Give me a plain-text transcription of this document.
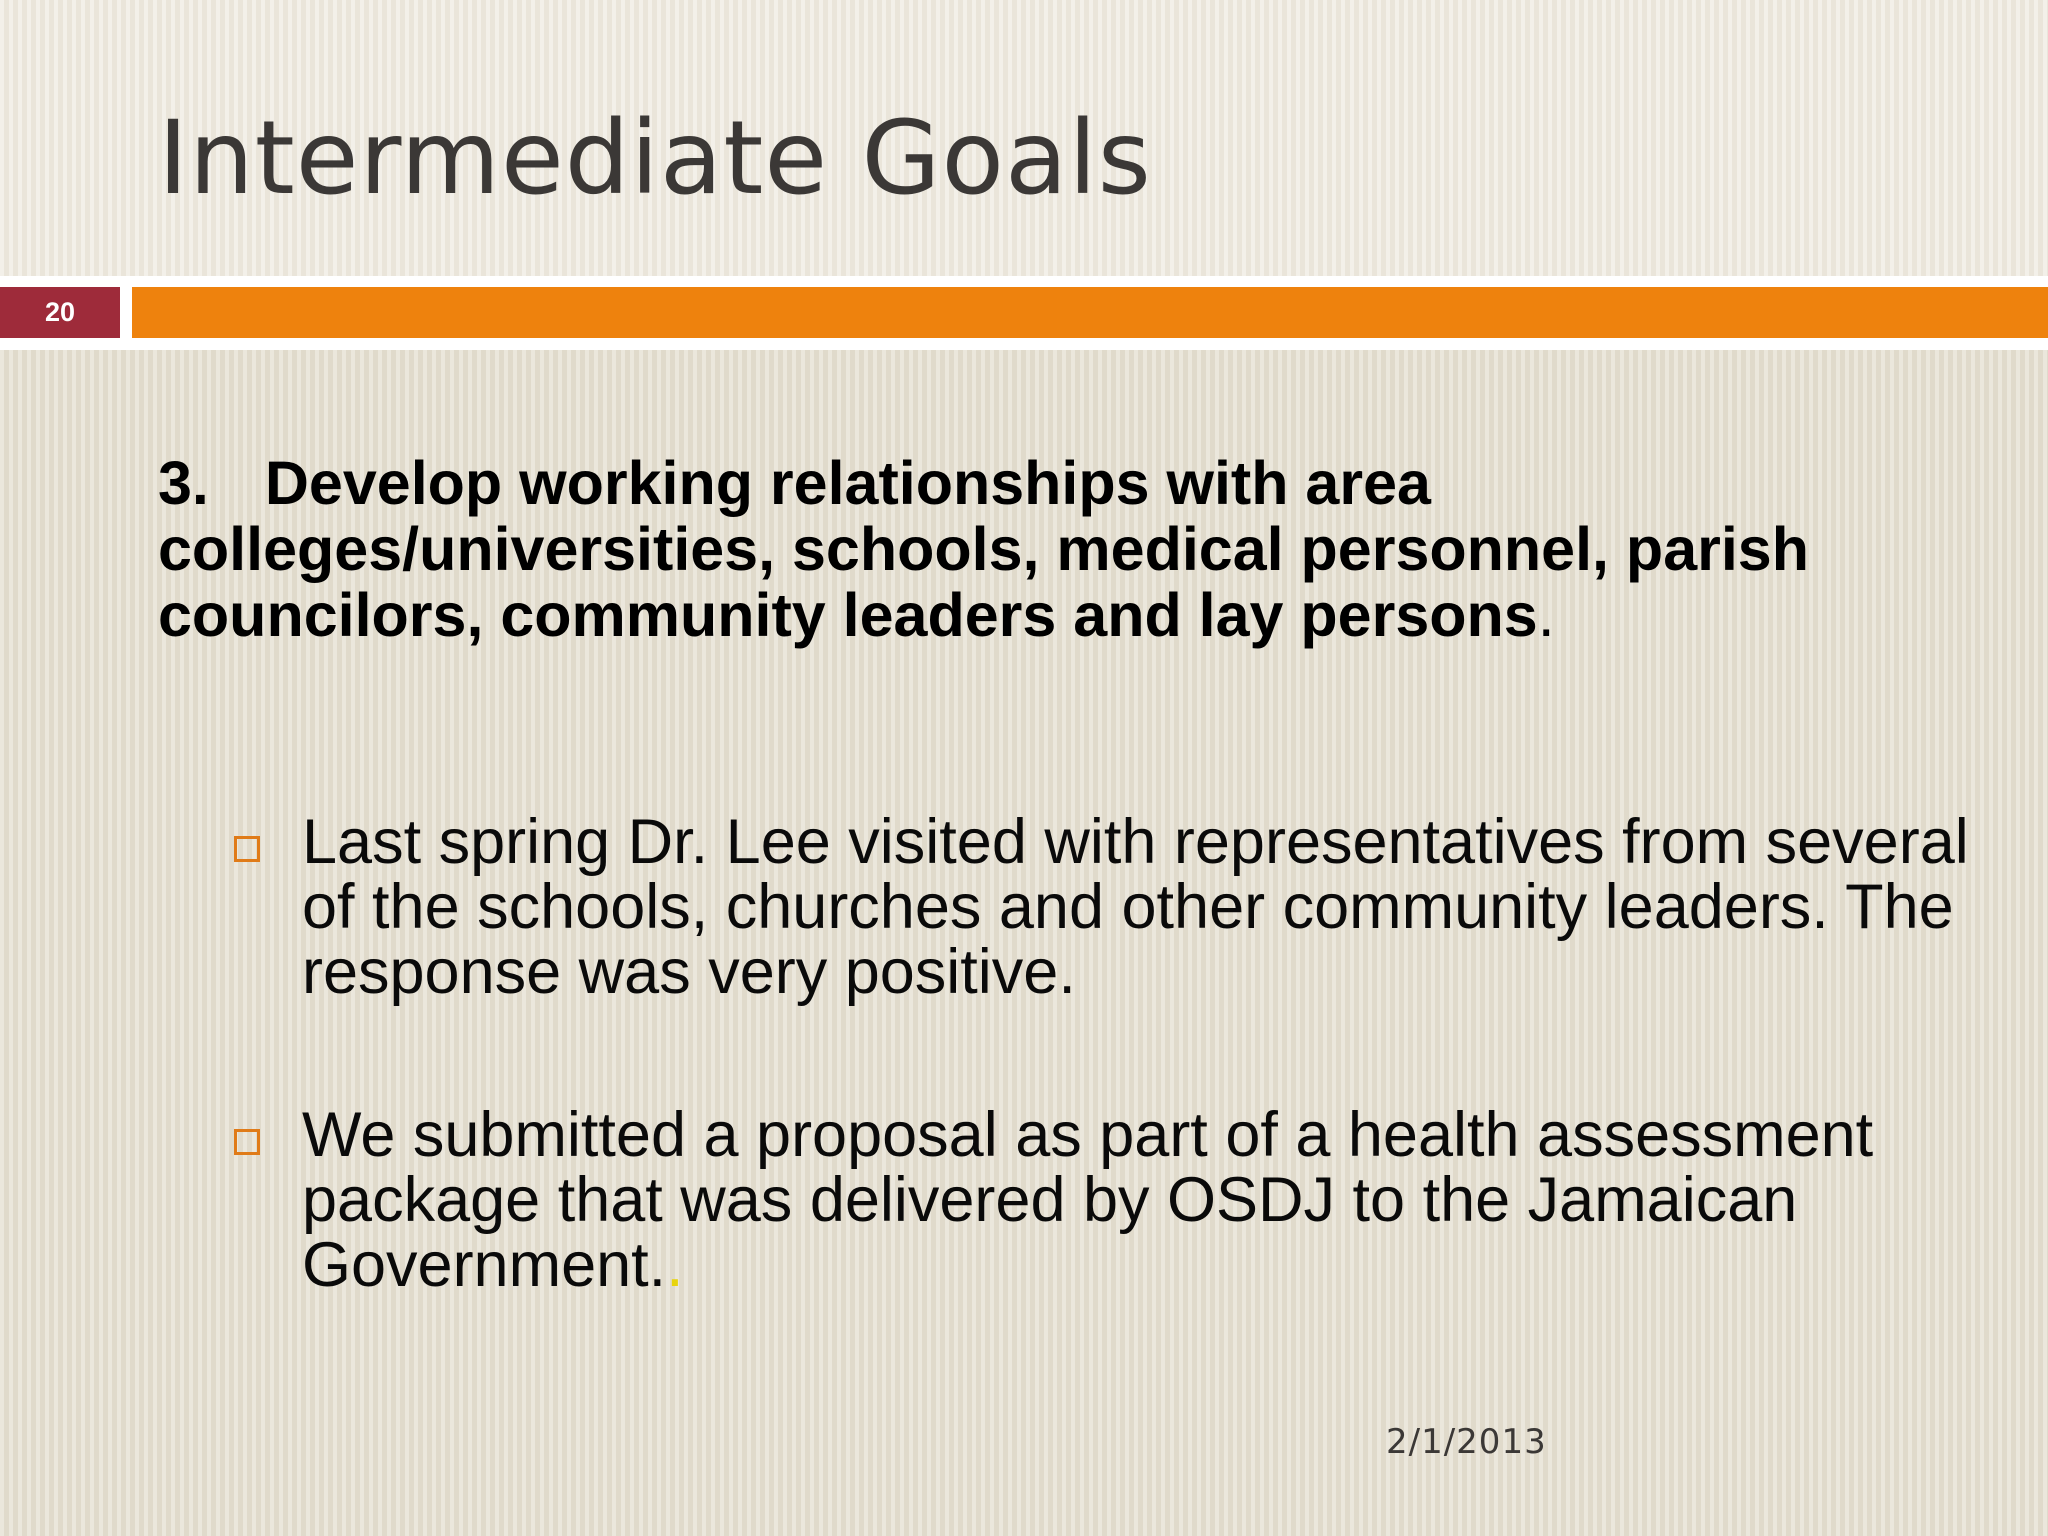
Intermediate Goals
20

3. Develop working relationships with area colleges/universities, schools, medical personnel, parish councilors, community leaders and lay persons.

Last spring Dr. Lee visited with representatives from several of the schools, churches and other community leaders. The response was very positive.
We submitted a proposal as part of a health assessment package that was delivered by OSDJ to the Jamaican Government..
2/1/2013
